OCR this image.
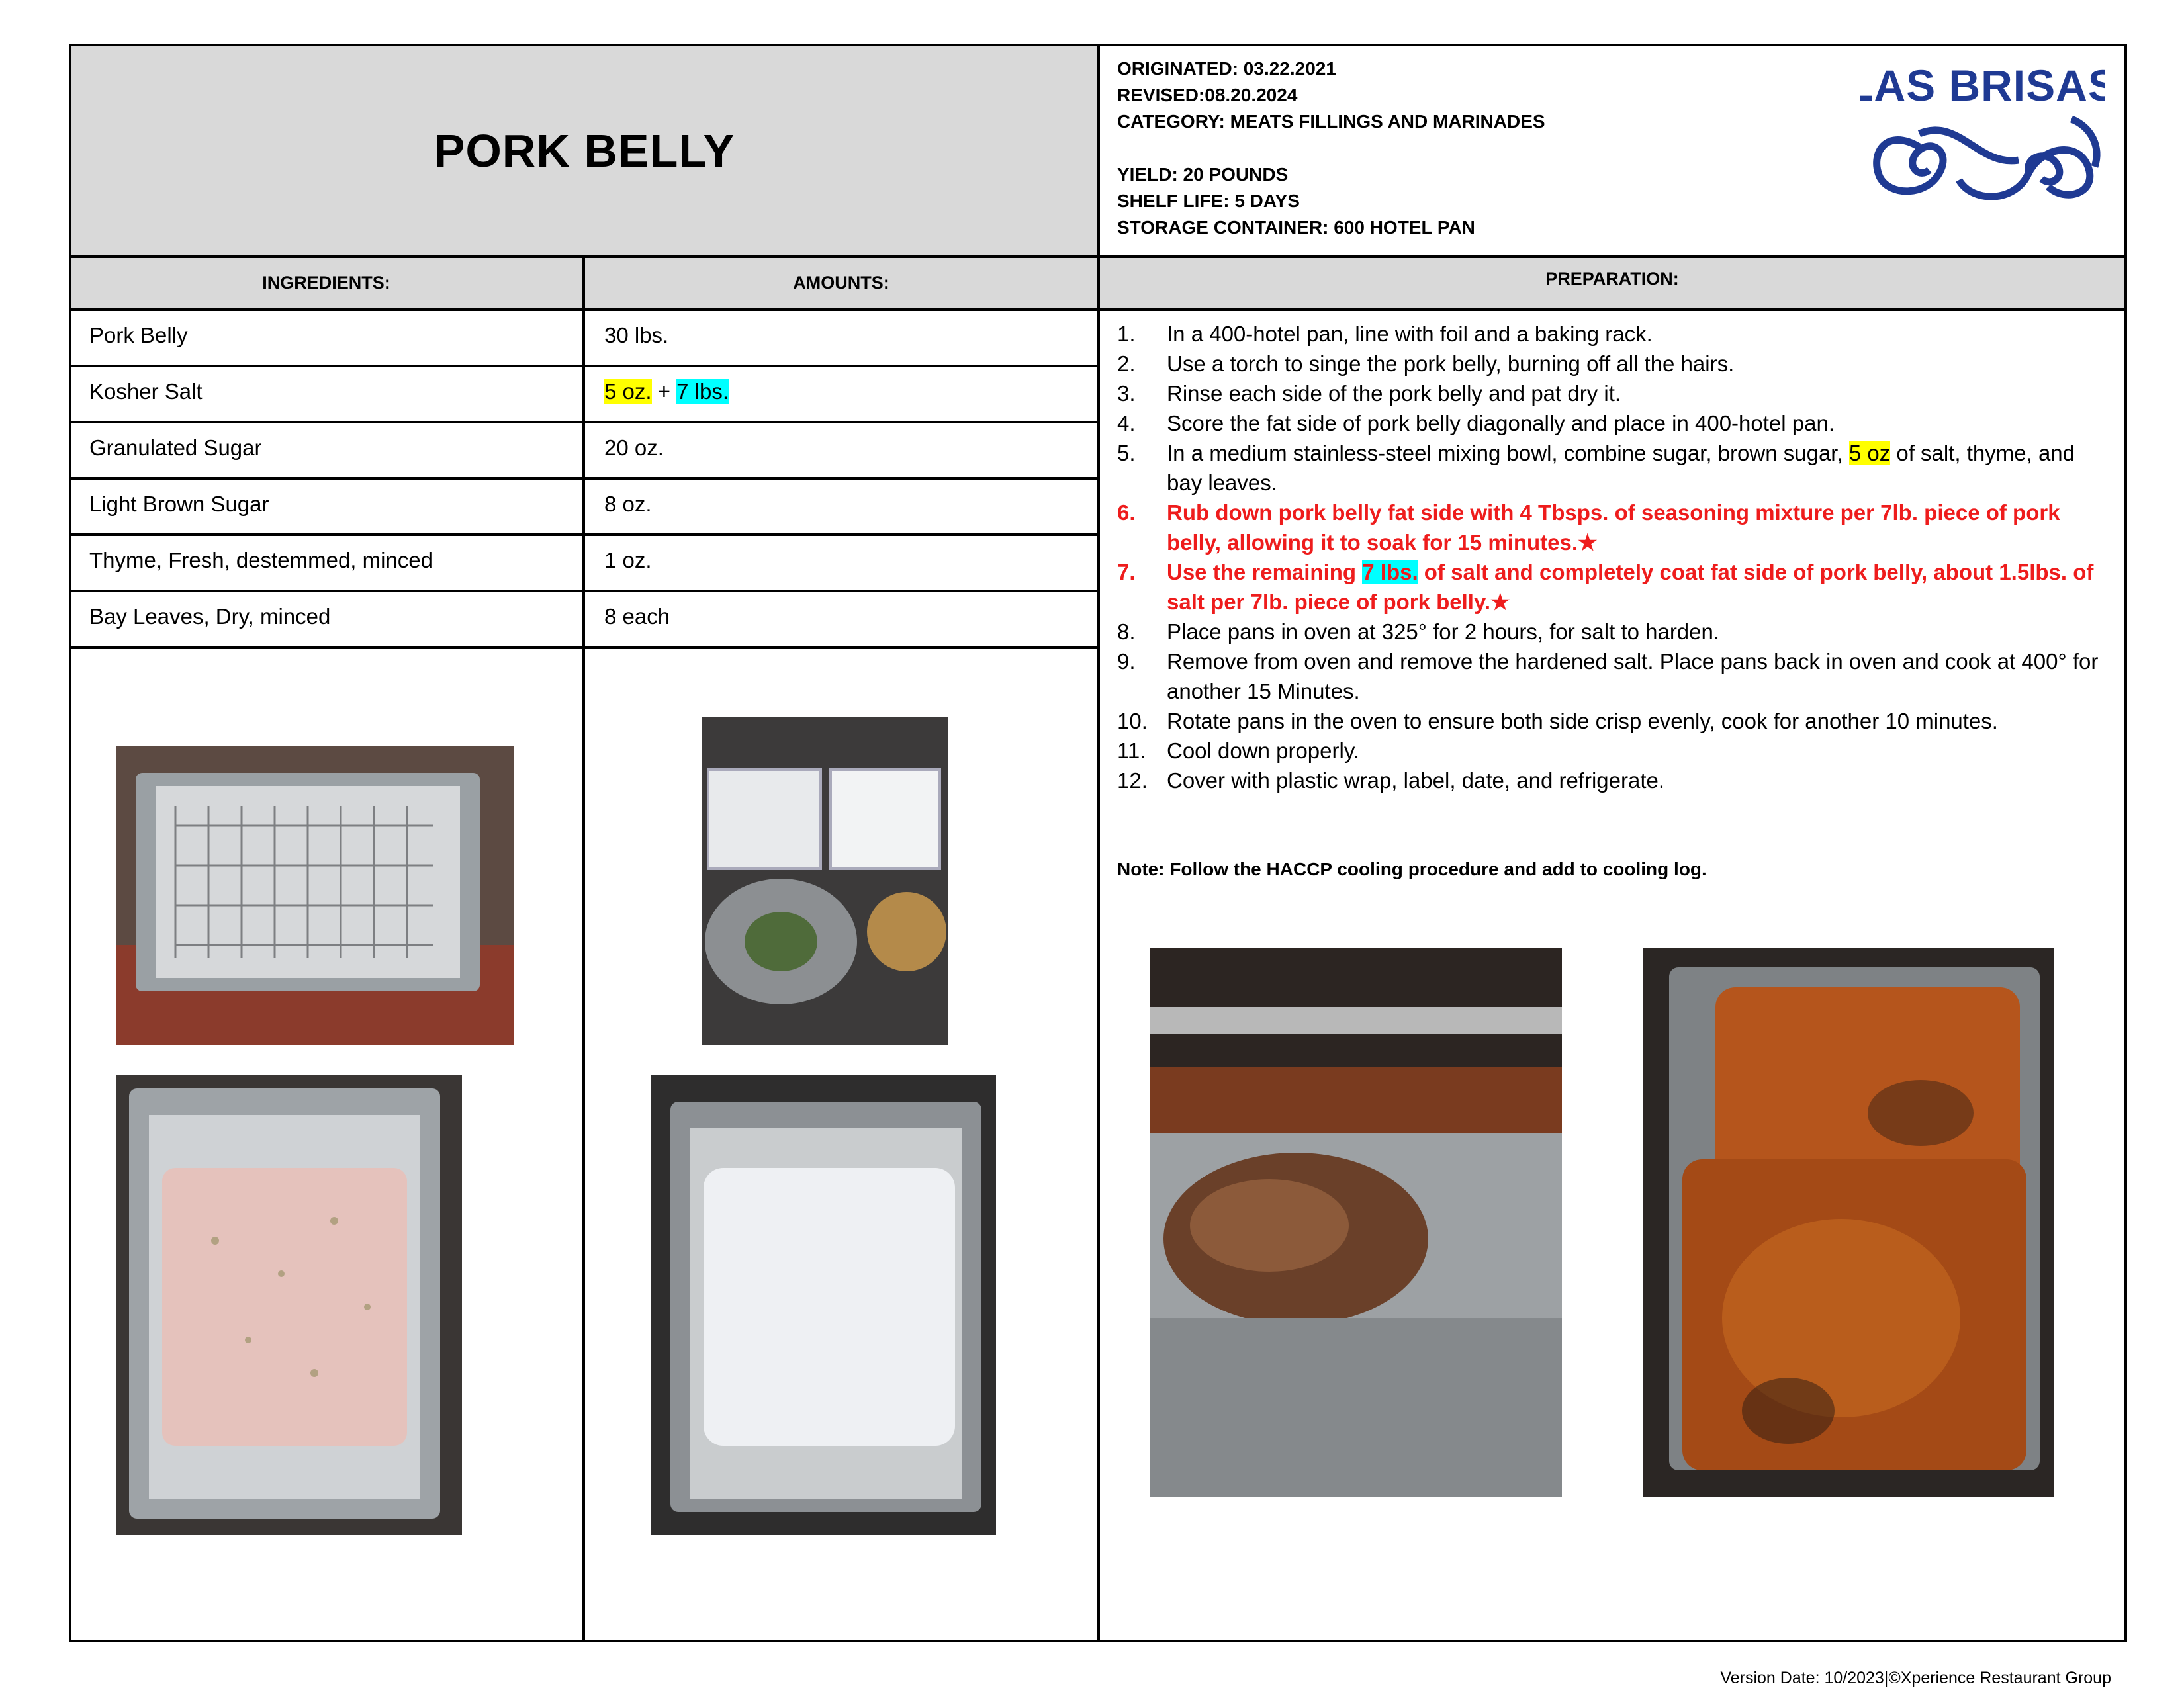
PORK BELLY
ORIGINATED: 03.22.2021
REVISED:08.20.2024
CATEGORY: MEATS FILLINGS AND MARINADES
YIELD: 20 POUNDS
SHELF LIFE: 5 DAYS
STORAGE CONTAINER: 600 HOTEL PAN
LAS BRISAS
INGREDIENTS:	AMOUNTS:	PREPARATION:
Pork Belly	30 lbs.
Kosher Salt	5 oz. + 7 lbs.
Granulated Sugar	20 oz.
Light Brown Sugar	8 oz.
Thyme, Fresh, destemmed, minced	1 oz.
Bay Leaves, Dry, minced	8 each
1.	In a 400-hotel pan, line with foil and a baking rack.
2.	Use a torch to singe the pork belly, burning off all the hairs.
3.	Rinse each side of the pork belly and pat dry it.
4.	Score the fat side of pork belly diagonally and place in 400-hotel pan.
5.	In a medium stainless-steel mixing bowl, combine sugar, brown sugar, 5 oz of salt, thyme, and bay leaves.
6.	Rub down pork belly fat side with 4 Tbsps. of seasoning mixture per 7lb. piece of pork belly, allowing it to soak for 15 minutes.★
7.	Use the remaining 7 lbs. of salt and completely coat fat side of pork belly, about 1.5lbs. of salt per 7lb. piece of pork belly.★
8.	Place pans in oven at 325° for 2 hours, for salt to harden.
9.	Remove from oven and remove the hardened salt. Place pans back in oven and cook at 400° for another 15 Minutes.
10. Rotate pans in the oven to ensure both side crisp evenly, cook for another 10 minutes.
11. Cool down properly.
12. Cover with plastic wrap, label, date, and refrigerate.
Note: Follow the HACCP cooling procedure and add to cooling log.
Version Date: 10/2023|©Xperience Restaurant Group
